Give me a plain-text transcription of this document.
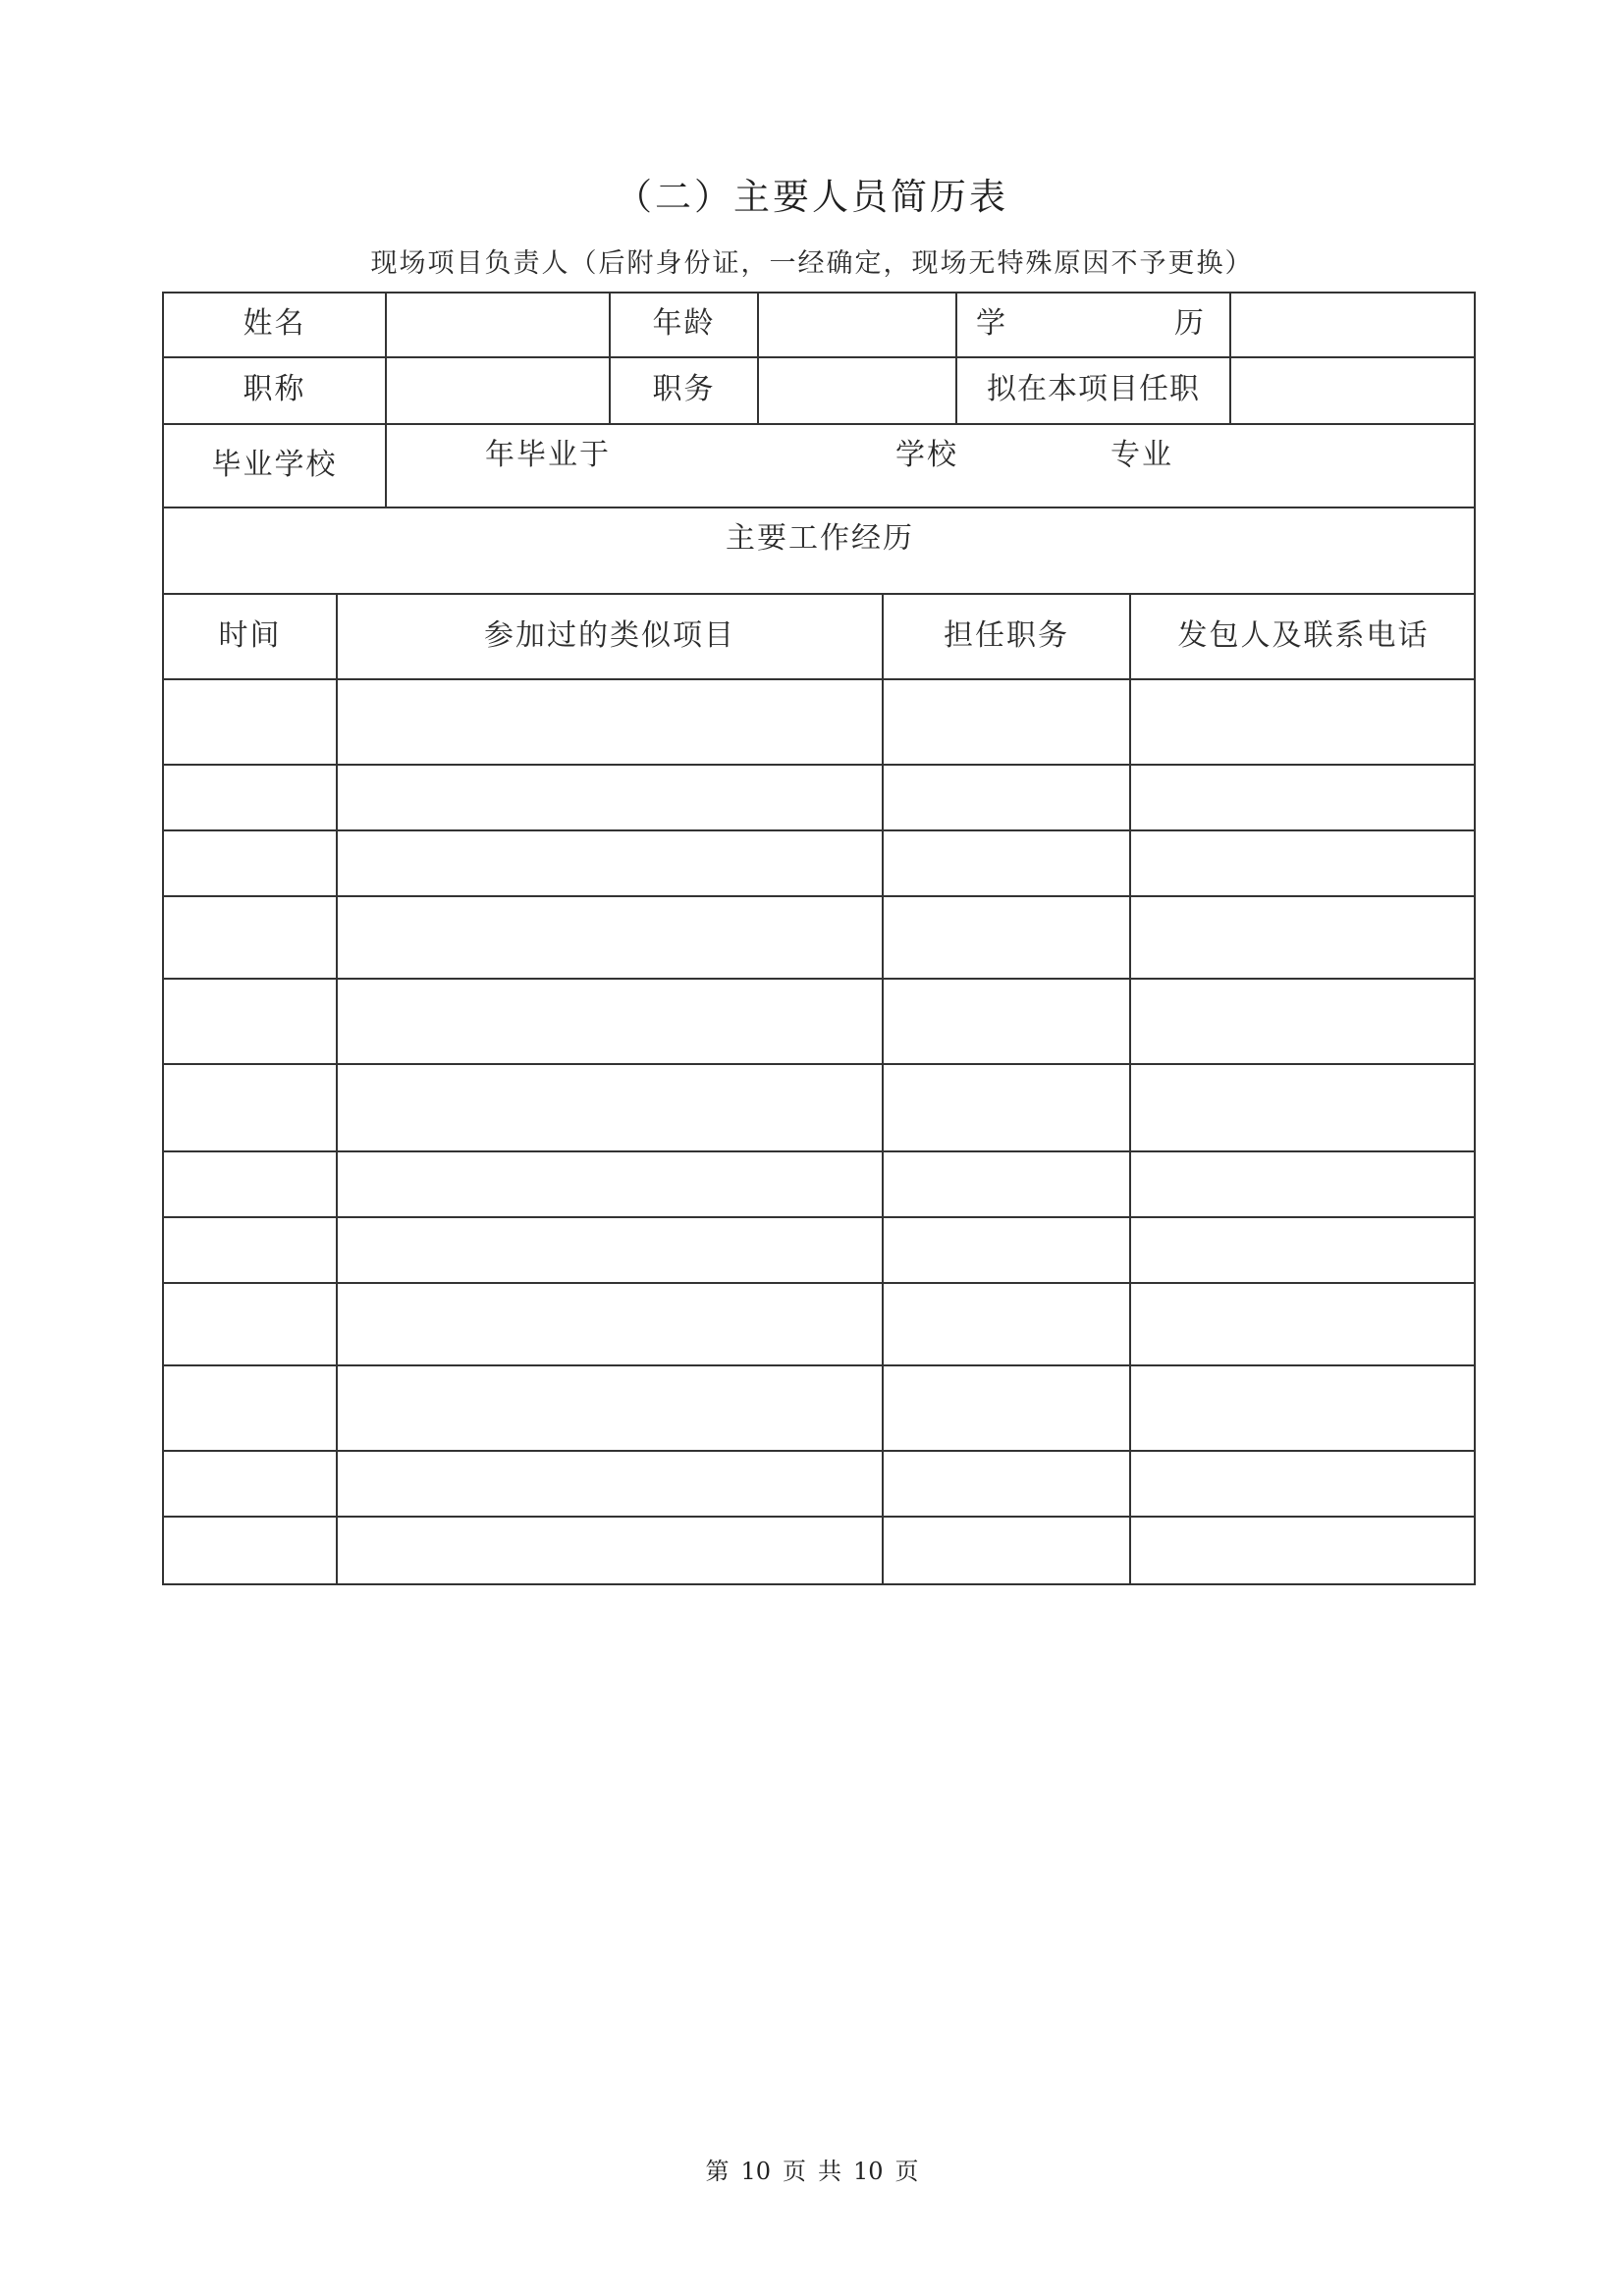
（二）主要人员简历表
现场项目负责人（后附身份证，一经确定，现场无特殊原因不予更换）
姓名	年龄	学	历
职称	职务	拟在本项目任职
毕业学校	年毕业于	学校	专业
主要工作经历
时间	参加过的类似项目	担任职务	发包人及联系电话
第 10 页 共 10 页
